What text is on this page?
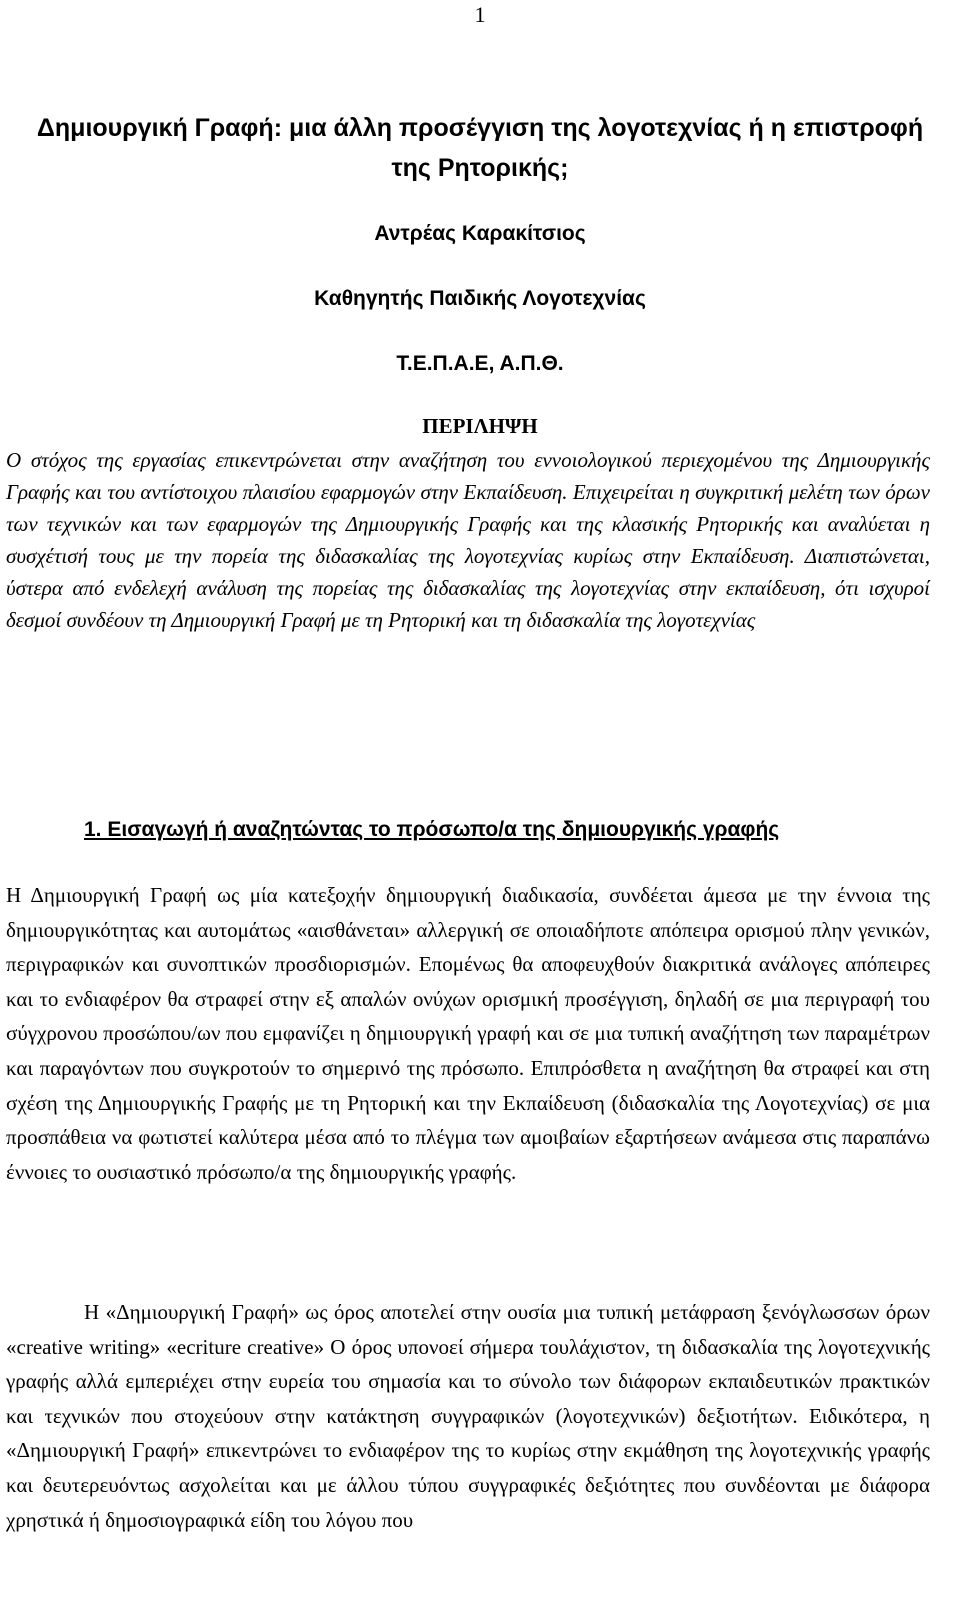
1
Δημιουργική Γραφή: μια άλλη προσέγγιση της λογοτεχνίας ή η επιστροφή της Ρητορικής;
Αντρέας Καρακίτσιος
Καθηγητής Παιδικής Λογοτεχνίας
Τ.Ε.Π.Α.Ε, Α.Π.Θ.
ΠΕΡΙΛΗΨΗ

Ο στόχος της εργασίας επικεντρώνεται στην αναζήτηση του εννοιολογικού περιεχομένου της Δημιουργικής Γραφής και του αντίστοιχου πλαισίου εφαρμογών στην Εκπαίδευση. Επιχειρείται η συγκριτική μελέτη των όρων των τεχνικών και των εφαρμογών της Δημιουργικής Γραφής και της κλασικής Ρητορικής και αναλύεται η συσχέτισή τους με την πορεία της διδασκαλίας της λογοτεχνίας κυρίως στην Εκπαίδευση. Διαπιστώνεται, ύστερα από ενδελεχή ανάλυση της πορείας της διδασκαλίας της λογοτεχνίας στην εκπαίδευση, ότι ισχυροί δεσμοί συνδέουν τη Δημιουργική Γραφή με τη Ρητορική και τη διδασκαλία της λογοτεχνίας

1. Εισαγωγή ή αναζητώντας το πρόσωπο/α της δημιουργικής γραφής

Η Δημιουργική Γραφή ως μία κατεξοχήν δημιουργική διαδικασία, συνδέεται άμεσα με την έννοια της δημιουργικότητας και αυτομάτως «αισθάνεται» αλλεργική σε οποιαδήποτε απόπειρα ορισμού πλην γενικών, περιγραφικών και συνοπτικών προσδιορισμών. Επομένως θα αποφευχθούν διακριτικά ανάλογες απόπειρες και το ενδιαφέρον θα στραφεί στην εξ απαλών ονύχων ορισμική προσέγγιση, δηλαδή σε μια περιγραφή του σύγχρονου προσώπου/ων που εμφανίζει η δημιουργική γραφή και σε μια τυπική αναζήτηση των παραμέτρων και παραγόντων που συγκροτούν το σημερινό της πρόσωπο. Επιπρόσθετα η αναζήτηση θα στραφεί και στη σχέση της Δημιουργικής Γραφής με τη Ρητορική και την Εκπαίδευση (διδασκαλία της Λογοτεχνίας) σε μια προσπάθεια να φωτιστεί καλύτερα μέσα από το πλέγμα των αμοιβαίων εξαρτήσεων ανάμεσα στις παραπάνω έννοιες το ουσιαστικό πρόσωπο/α της δημιουργικής γραφής.

Η «Δημιουργική Γραφή» ως όρος αποτελεί στην ουσία μια τυπική μετάφραση ξενόγλωσσων όρων «creative writing» «ecriture creative» Ο όρος υπονοεί σήμερα τουλάχιστον, τη διδασκαλία της λογοτεχνικής γραφής αλλά εμπεριέχει στην ευρεία του σημασία και το σύνολο των διάφορων εκπαιδευτικών πρακτικών και τεχνικών που στοχεύουν στην κατάκτηση συγγραφικών (λογοτεχνικών) δεξιοτήτων. Ειδικότερα, η «Δημιουργική Γραφή» επικεντρώνει το ενδιαφέρον της το κυρίως στην εκμάθηση της λογοτεχνικής γραφής και δευτερευόντως ασχολείται και με άλλου τύπου συγγραφικές δεξιότητες που συνδέονται με διάφορα χρηστικά ή δημοσιογραφικά είδη του λόγου που
